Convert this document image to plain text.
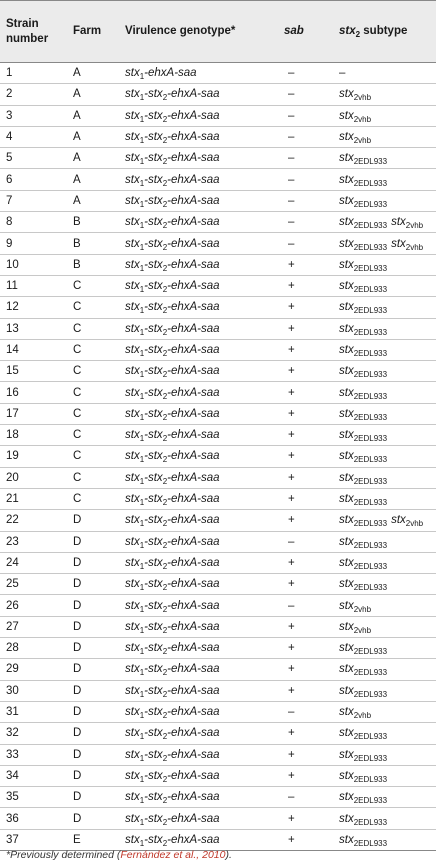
Strain number	Farm	Virulence genotype*	sab	stx$_2$ subtype
1	A	stx$_1$-ehxA-saa	–	–
2	A	stx$_1$-stx$_2$-ehxA-saa	–	stx$_{2vhb}$
3	A	stx$_1$-stx$_2$-ehxA-saa	–	stx$_{2vhb}$
4	A	stx$_1$-stx$_2$-ehxA-saa	–	stx$_{2vhb}$
5	A	stx$_1$-stx$_2$-ehxA-saa	–	stx$_{2EDL933}$
6	A	stx$_1$-stx$_2$-ehxA-saa	–	stx$_{2EDL933}$
7	A	stx$_1$-stx$_2$-ehxA-saa	–	stx$_{2EDL933}$
8	B	stx$_1$-stx$_2$-ehxA-saa	–	stx$_{2EDL933}$ stx$_{2vhb}$
9	B	stx$_1$-stx$_2$-ehxA-saa	–	stx$_{2EDL933}$ stx$_{2vhb}$
10	B	stx$_1$-stx$_2$-ehxA-saa	+	stx$_{2EDL933}$
11	C	stx$_1$-stx$_2$-ehxA-saa	+	stx$_{2EDL933}$
12	C	stx$_1$-stx$_2$-ehxA-saa	+	stx$_{2EDL933}$
13	C	stx$_1$-stx$_2$-ehxA-saa	+	stx$_{2EDL933}$
14	C	stx$_1$-stx$_2$-ehxA-saa	+	stx$_{2EDL933}$
15	C	stx$_1$-stx$_2$-ehxA-saa	+	stx$_{2EDL933}$
16	C	stx$_1$-stx$_2$-ehxA-saa	+	stx$_{2EDL933}$
17	C	stx$_1$-stx$_2$-ehxA-saa	+	stx$_{2EDL933}$
18	C	stx$_1$-stx$_2$-ehxA-saa	+	stx$_{2EDL933}$
19	C	stx$_1$-stx$_2$-ehxA-saa	+	stx$_{2EDL933}$
20	C	stx$_1$-stx$_2$-ehxA-saa	+	stx$_{2EDL933}$
21	C	stx$_1$-stx$_2$-ehxA-saa	+	stx$_{2EDL933}$
22	D	stx$_1$-stx$_2$-ehxA-saa	+	stx$_{2EDL933}$ stx$_{2vhb}$
23	D	stx$_1$-stx$_2$-ehxA-saa	–	stx$_{2EDL933}$
24	D	stx$_1$-stx$_2$-ehxA-saa	+	stx$_{2EDL933}$
25	D	stx$_1$-stx$_2$-ehxA-saa	+	stx$_{2EDL933}$
26	D	stx$_1$-stx$_2$-ehxA-saa	–	stx$_{2vhb}$
27	D	stx$_1$-stx$_2$-ehxA-saa	+	stx$_{2vhb}$
28	D	stx$_1$-stx$_2$-ehxA-saa	+	stx$_{2EDL933}$
29	D	stx$_1$-stx$_2$-ehxA-saa	+	stx$_{2EDL933}$
30	D	stx$_1$-stx$_2$-ehxA-saa	+	stx$_{2EDL933}$
31	D	stx$_1$-stx$_2$-ehxA-saa	–	stx$_{2vhb}$
32	D	stx$_1$-stx$_2$-ehxA-saa	+	stx$_{2EDL933}$
33	D	stx$_1$-stx$_2$-ehxA-saa	+	stx$_{2EDL933}$
34	D	stx$_1$-stx$_2$-ehxA-saa	+	stx$_{2EDL933}$
35	D	stx$_1$-stx$_2$-ehxA-saa	–	stx$_{2EDL933}$
36	D	stx$_1$-stx$_2$-ehxA-saa	+	stx$_{2EDL933}$
37	E	stx$_1$-stx$_2$-ehxA-saa	+	stx$_{2EDL933}$
*Previously determined (Fernández et al., 2010).
